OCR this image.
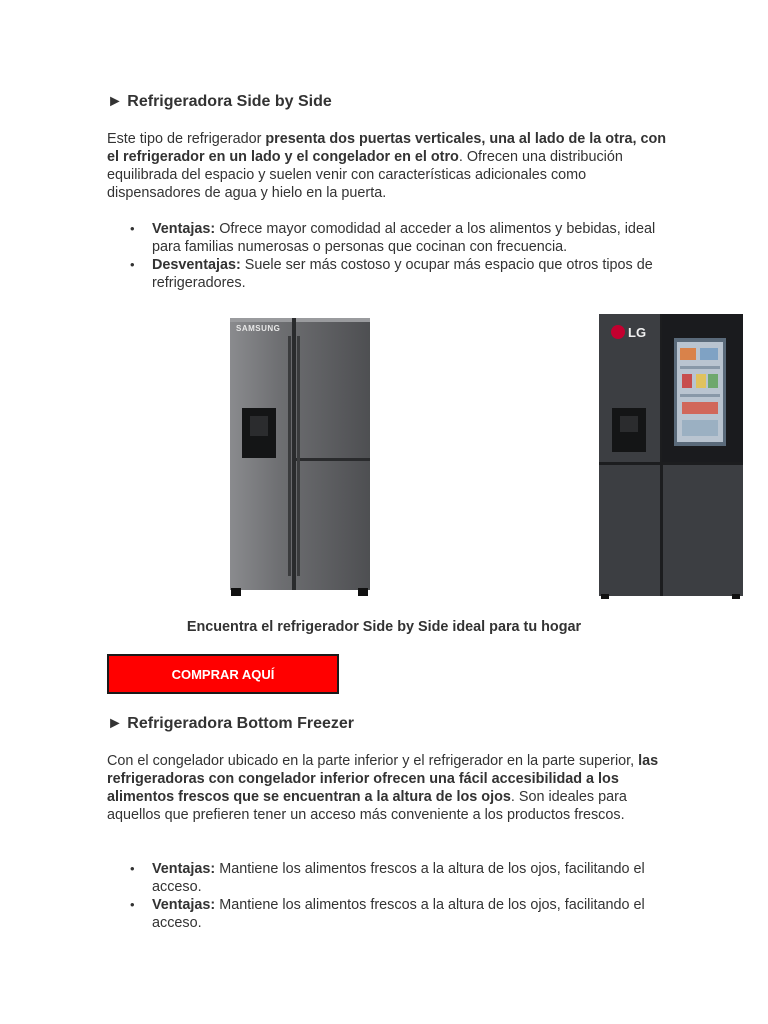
► Refrigeradora Side by Side

Este tipo de refrigerador presenta dos puertas verticales, una al lado de la otra, con el refrigerador en un lado y el congelador en el otro. Ofrecen una distribución equilibrada del espacio y suelen venir con características adicionales como dispensadores de agua y hielo en la puerta.

• Ventajas: Ofrece mayor comodidad al acceder a los alimentos y bebidas, ideal para familias numerosas o personas que cocinan con frecuencia.
• Desventajas: Suele ser más costoso y ocupar más espacio que otros tipos de refrigeradores.
SAMSUNG	LG

Encuentra el refrigerador Side by Side ideal para tu hogar

COMPRAR AQUÍ
► Refrigeradora Bottom Freezer

Con el congelador ubicado en la parte inferior y el refrigerador en la parte superior, las refrigeradoras con congelador inferior ofrecen una fácil accesibilidad a los alimentos frescos que se encuentran a la altura de los ojos. Son ideales para aquellos que prefieren tener un acceso más conveniente a los productos frescos.

• Ventajas: Mantiene los alimentos frescos a la altura de los ojos, facilitando el acceso.
• Ventajas: Mantiene los alimentos frescos a la altura de los ojos, facilitando el acceso.
